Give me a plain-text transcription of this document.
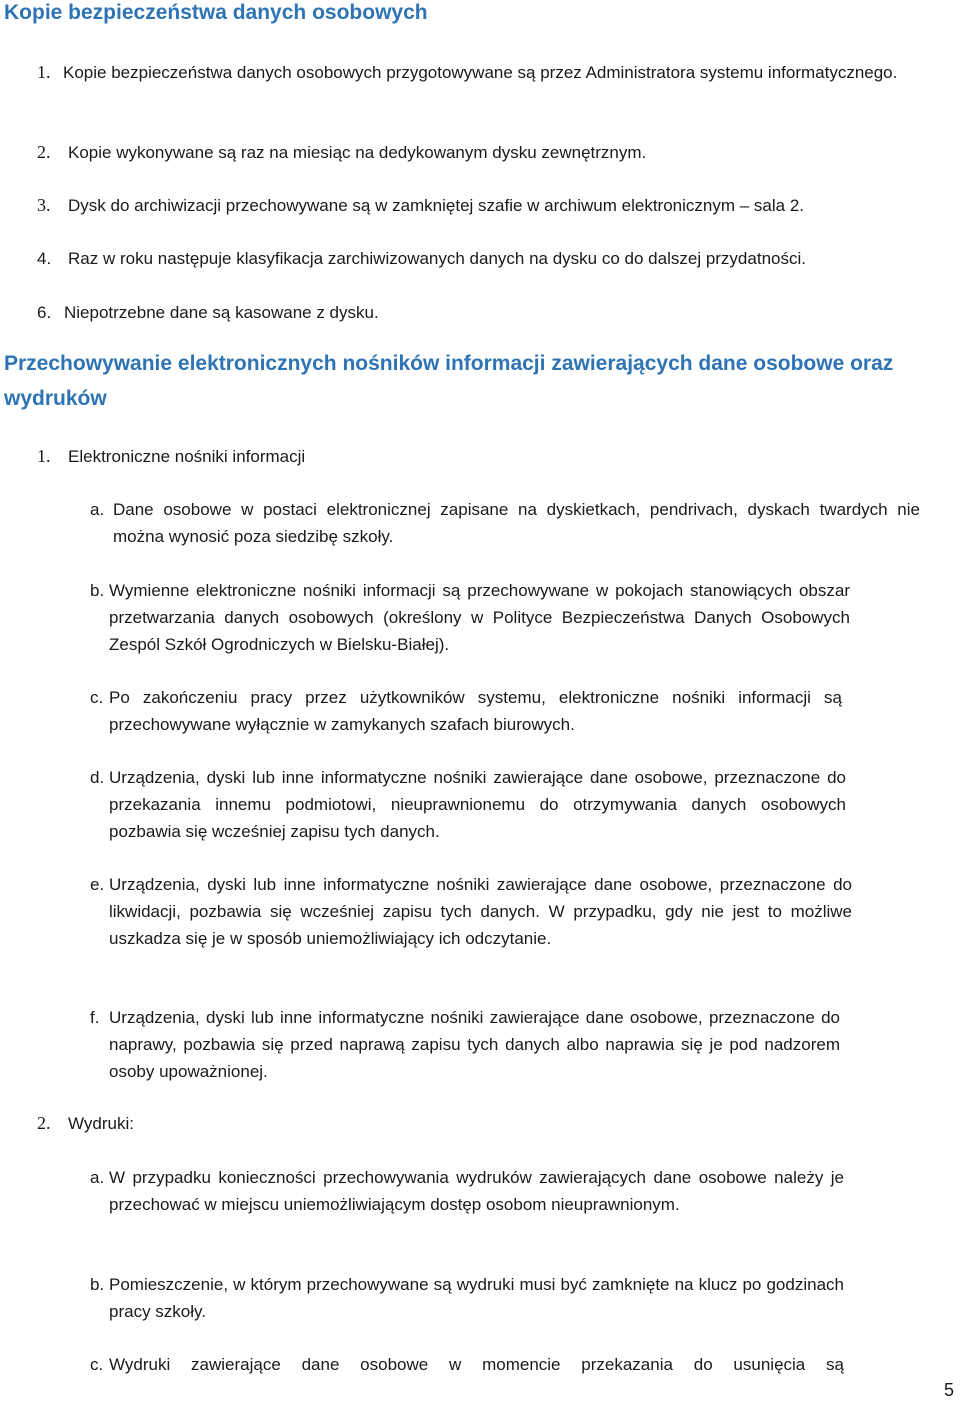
Kopie bezpieczeństwa danych osobowych
1. Kopie bezpieczeństwa danych osobowych przygotowywane są przez Administratora systemu informatycznego.
2.	Kopie wykonywane są raz na miesiąc na dedykowanym dysku zewnętrznym.
3.	Dysk do archiwizacji przechowywane są w zamkniętej szafie w archiwum elektronicznym – sala 2.
4. Raz w roku następuje klasyfikacja zarchiwizowanych danych na dysku co do dalszej przydatności.
6. Niepotrzebne dane są kasowane z dysku.
Przechowywanie elektronicznych nośników informacji zawierających dane osobowe oraz wydruków
1.	Elektroniczne nośniki informacji
a. Dane osobowe w postaci elektronicznej zapisane na dyskietkach, pendrivach, dyskach twardych nie można wynosić poza siedzibę szkoły.
b. Wymienne elektroniczne nośniki informacji są przechowywane w pokojach stanowiących obszar przetwarzania danych osobowych (określony w Polityce Bezpieczeństwa Danych Osobowych Zespól Szkół Ogrodniczych w Bielsku-Białej).
c. Po zakończeniu pracy przez użytkowników systemu, elektroniczne nośniki informacji są przechowywane wyłącznie w zamykanych szafach biurowych.
d. Urządzenia, dyski lub inne informatyczne nośniki zawierające dane osobowe, przeznaczone do przekazania innemu podmiotowi, nieuprawnionemu do otrzymywania danych osobowych pozbawia się wcześniej zapisu tych danych.
e. Urządzenia, dyski lub inne informatyczne nośniki zawierające dane osobowe, przeznaczone do likwidacji, pozbawia się wcześniej zapisu tych danych. W przypadku, gdy nie jest to możliwe uszkadza się je w sposób uniemożliwiający ich odczytanie.
f. Urządzenia, dyski lub inne informatyczne nośniki zawierające dane osobowe, przeznaczone do naprawy, pozbawia się przed naprawą zapisu tych danych albo naprawia się je pod nadzorem osoby upoważnionej.
2.	Wydruki:
a. W przypadku konieczności przechowywania wydruków zawierających dane osobowe należy je przechować w miejscu uniemożliwiającym dostęp osobom nieuprawnionym.
b. Pomieszczenie, w którym przechowywane są wydruki musi być zamknięte na klucz po godzinach pracy szkoły.
c. Wydruki zawierające dane osobowe w momencie przekazania do usunięcia są
5
